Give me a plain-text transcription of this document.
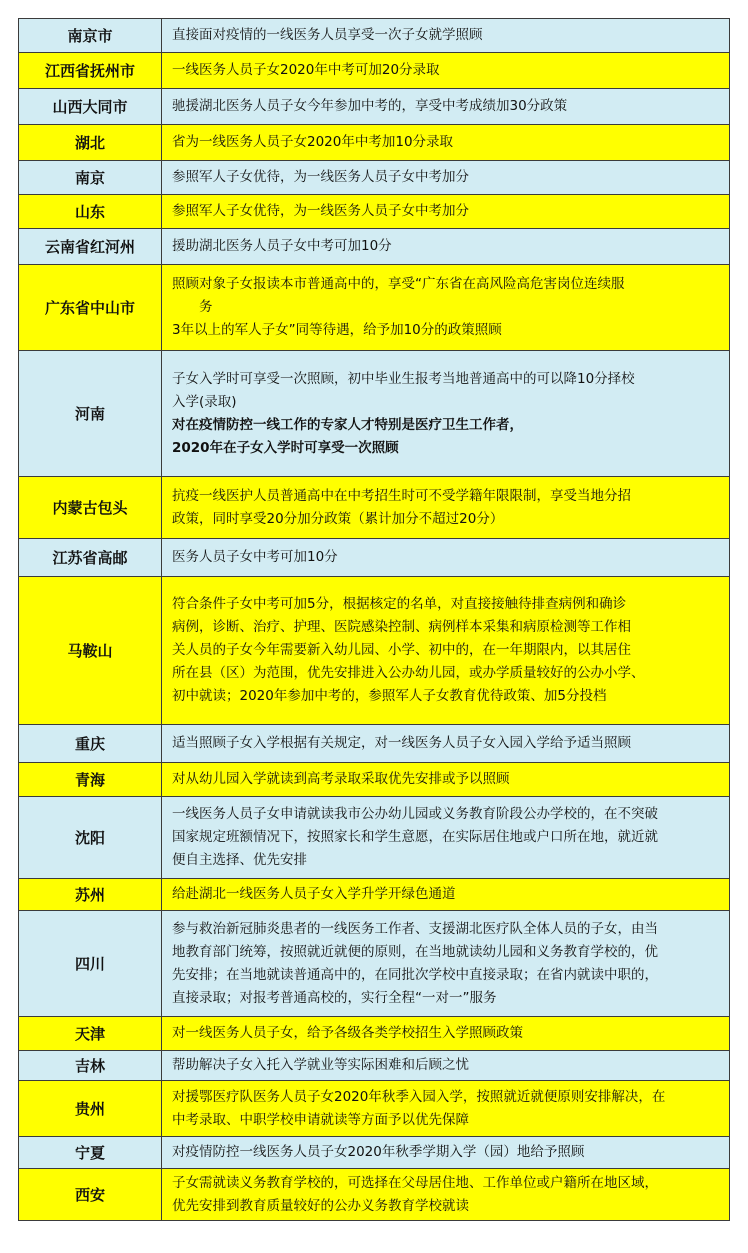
南京市	直接面对疫情的一线医务人员享受一次子女就学照顾

江西省抚州市	一线医务人员子女2020年中考可加20分录取

山西大同市	驰援湖北医务人员子女今年参加中考的，享受中考成绩加30分政策

湖北	省为一线医务人员子女2020年中考加10分录取

南京	参照军人子女优待，为一线医务人员子女中考加分

山东	参照军人子女优待，为一线医务人员子女中考加分

云南省红河州	援助湖北医务人员子女中考可加10分

广东省中山市	照顾对象子女报读本市普通高中的，享受“广东省在高风险高危害岗位连续服
　　务
3年以上的军人子女”同等待遇，给予加10分的政策照顾

河南	子女入学时可享受一次照顾，初中毕业生报考当地普通高中的可以降10分择校
入学(录取)
对在疫情防控一线工作的专家人才特别是医疗卫生工作者，
2020年在子女入学时可享受一次照顾

内蒙古包头	抗疫一线医护人员普通高中在中考招生时可不受学籍年限限制，享受当地分招
政策，同时享受20分加分政策（累计加分不超过20分）

江苏省高邮	医务人员子女中考可加10分

马鞍山	符合条件子女中考可加5分，根据核定的名单，对直接接触待排查病例和确诊
病例，诊断、治疗、护理、医院感染控制、病例样本采集和病原检测等工作相
关人员的子女今年需要新入幼儿园、小学、初中的，在一年期限内，以其居住
所在县（区）为范围，优先安排进入公办幼儿园，或办学质量较好的公办小学、
初中就读；2020年参加中考的，参照军人子女教育优待政策、加5分投档

重庆	适当照顾子女入学根据有关规定，对一线医务人员子女入园入学给予适当照顾

青海	对从幼儿园入学就读到高考录取采取优先安排或予以照顾

沈阳	一线医务人员子女申请就读我市公办幼儿园或义务教育阶段公办学校的，在不突破
国家规定班额情况下，按照家长和学生意愿，在实际居住地或户口所在地，就近就
便自主选择、优先安排

苏州	给赴湖北一线医务人员子女入学升学开绿色通道

四川	参与救治新冠肺炎患者的一线医务工作者、支援湖北医疗队全体人员的子女，由当
地教育部门统筹，按照就近就便的原则，在当地就读幼儿园和义务教育学校的，优
先安排；在当地就读普通高中的，在同批次学校中直接录取；在省内就读中职的，
直接录取；对报考普通高校的，实行全程“一对一”服务

天津	对一线医务人员子女，给予各级各类学校招生入学照顾政策

吉林	帮助解决子女入托入学就业等实际困难和后顾之忧

贵州	对援鄂医疗队医务人员子女2020年秋季入园入学，按照就近就便原则安排解决，在
中考录取、中职学校申请就读等方面予以优先保障

宁夏	对疫情防控一线医务人员子女2020年秋季学期入学（园）地给予照顾

西安	子女需就读义务教育学校的，可选择在父母居住地、工作单位或户籍所在地区域，
优先安排到教育质量较好的公办义务教育学校就读
